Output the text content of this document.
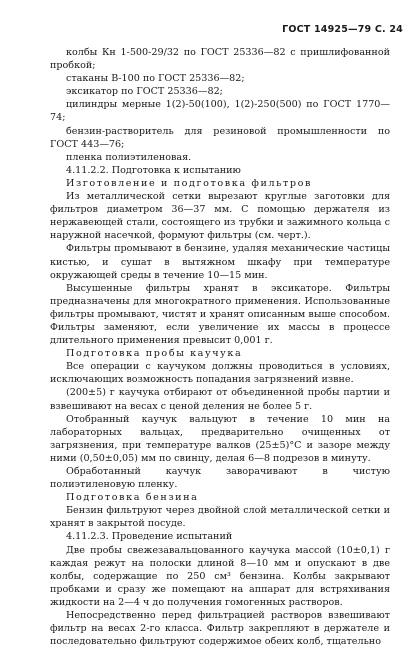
ГОСТ 14925—79 С. 24

колбы Кн 1-500-29/32 по ГОСТ 25336—82 с пришлифованной пробкой;

стаканы В-100 по ГОСТ 25336—82;

эксикатор по ГОСТ 25336—82;

цилиндры мерные 1(2)-50(100), 1(2)-250(500) по ГОСТ 1770—74;

бензин-растворитель для резиновой промышленности по ГОСТ 443—76;

пленка полиэтиленовая.

4.11.2.2. Подготовка к испытанию

Изготовление и подготовка фильтров

Из металлической сетки вырезают круглые заготовки для фильтров диаметром 36—37 мм. С помощью держателя из нержавеющей стали, состоящего из трубки и зажимного кольца с наружной насечкой, формуют фильтры (см. черт.).

Фильтры промывают в бензине, удаляя механические частицы кистью, и сушат в вытяжном шкафу при температуре окружающей среды в течение 10—15 мин.

Высушенные фильтры хранят в эксикаторе. Фильтры предназначены для многократного применения. Использованные фильтры промывают, чистят и хранят описанным выше способом. Фильтры заменяют, если увеличение их массы в процессе длительного применения превысит 0,001 г.

Подготовка пробы каучука

Все операции с каучуком должны проводиться в условиях, исключающих возможность попадания загрязнений извне.

(200±5) г каучука отбирают от объединенной пробы партии и взвешивают на весах с ценой деления не более 5 г.

Отобранный каучук вальцуют в течение 10 мин на лабораторных вальцах, предварительно очищенных от загрязнения, при температуре валков (25±5)°С и зазоре между ними (0,50±0,05) мм по свинцу, делая 6—8 подрезов в минуту.

Обработанный каучук заворачивают в чистую полиэтиленовую пленку.

Подготовка бензина

Бензин фильтруют через двойной слой металлической сетки и хранят в закрытой посуде.

4.11.2.3. Проведение испытаний

Две пробы свежезавальцованного каучука массой (10±0,1) г каждая режут на полоски длиной 8—10 мм и опускают в две колбы, содержащие по 250 см³ бензина. Колбы закрывают пробками и сразу же помещают на аппарат для встряхивания жидкости на 2—4 ч до получения гомогенных растворов.

Непосредственно перед фильтрацией растворов взвешивают фильтр на весах 2-го класса. Фильтр закрепляют в держателе и последовательно фильтруют содержимое обеих колб, тщательно
